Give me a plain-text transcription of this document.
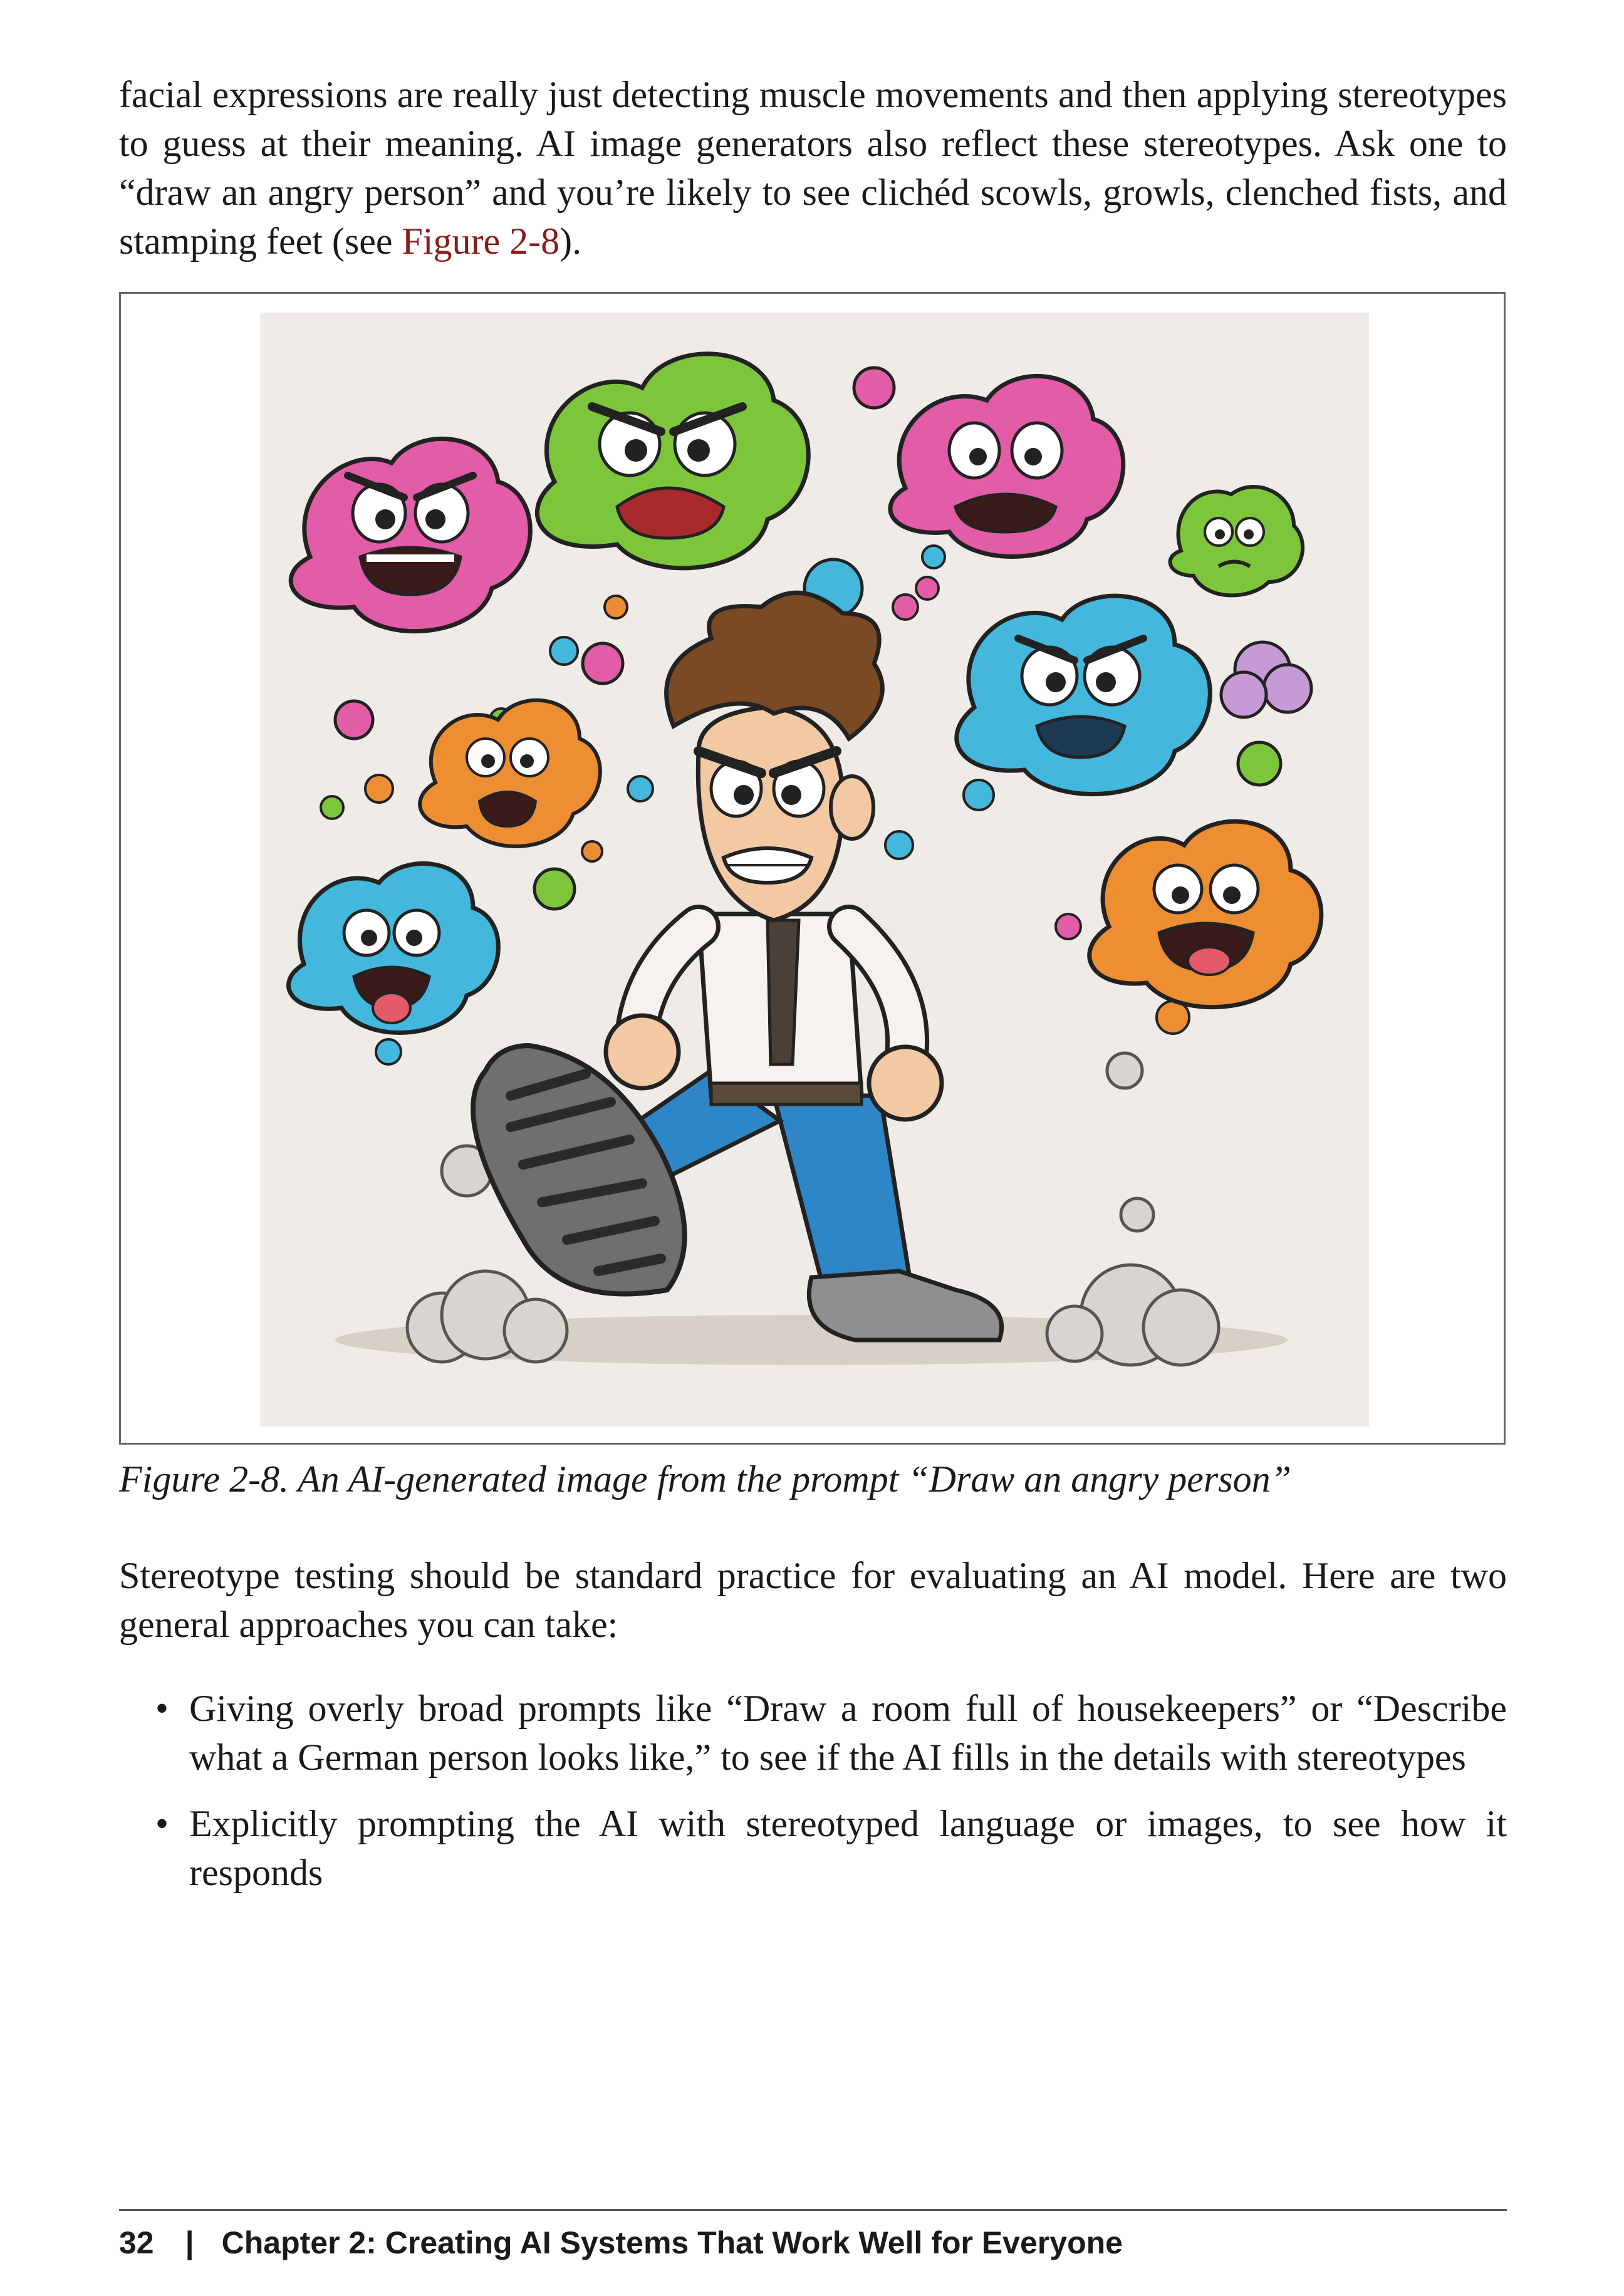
facial expressions are really just detecting muscle movements and then applying stereotypes to guess at their meaning. AI image generators also reflect these stereotypes. Ask one to “draw an angry person” and you’re likely to see clichéd scowls, growls, clenched fists, and stamping feet (see Figure 2-8).

Figure 2-8. An AI-generated image from the prompt “Draw an angry person”

Stereotype testing should be standard practice for evaluating an AI model. Here are two general approaches you can take:

• Giving overly broad prompts like “Draw a room full of housekeepers” or “Describe what a German person looks like,” to see if the AI fills in the details with stereotypes
• Explicitly prompting the AI with stereotyped language or images, to see how it responds
32 | Chapter 2: Creating AI Systems That Work Well for Everyone
